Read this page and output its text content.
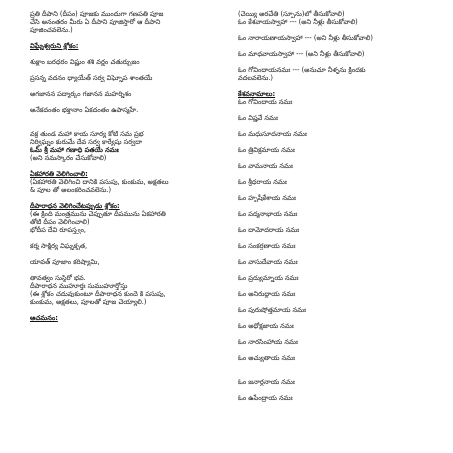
ప్రతి దీపాని (దీపం) పూజకు ముందుగా గణపతి పూజ
చేసి అనంతరం మీరు ఏ దీపాని పూజిస్తారో ఆ దీపాని
పూజించవలెను.)
విఘ్నేశ్వరుని శ్లోకం:
శుక్లాం బరధరం విష్ణుం శశి వర్ణం చతుర్భుజం
ప్రసన్న వదనం ధ్యాయేత్ సర్వ విఘ్నోప శాంతయే
అగజానన పద్మార్కం గజానన మహర్నిశం
అనేకదంతం భక్తానాం ఏకదంతం ఉపాస్మహే.
వక్ర తుండ మహా కాయ సూర్య కోటి సమ ప్రభ
నిర్విఘ్నం కురుమే దేవ సర్వ కార్యేషు సర్వదా
ఓమ్ శ్రీ మహా గణాధి పతయే నమః
(అని నమస్కారం చేసుకోవాలి)
ఏకహారతి వెలిగించాలి:
(ఏకహారతి వెలిగించి దానికి పసుపు, కుంకుమ, అక్షతలు
& పూల తో అలంకరించవలెను.)
దీపారాధన వెలిగించేటప్పుడు శ్లోకం:
(ఈ క్రింది మంత్రమును చెప్పుతూ దీపమును ఏకహారతి
తోటి దీపం వెలిగించాలి)
భోదీప దేవి రూపస్త్వం,
కర్మ సాక్షిర్య విఘ్నకృత,
యావత్ పూజాం కరిష్యామి,
తావత్వం సుస్థిరో భవ.
దీపారాధన ముహూర్తః సుముహూర్తోస్తు
(ఈ శ్లోకం చదువుకుంటూ దీపారాధన కుందె కి పసుపు,
కుంకుమ, అక్షతలు, పూలతో పూజ చెయ్యాలి.)
ఆచమనం:
(చెయ్యి అరచేతి (స్పూను)లో తీసుకోవాలి)
ఓం కేశవాయస్వాహా --- (అని నీళ్లు తీసుకోవాలి)
ఓం నారాయణాయస్వాహా --- (అని నీళ్లు తీసుకోవాలి)
ఓం మాధవాయస్వాహా --- (అని నీళ్లు తీసుకోవాలి)
ఓం గోవిందాయనమః --- (అనుచూ నీళ్ళను క్రిందకు
వదలవలెను.)
కేశవనామాలు:
ఓం గోవిందాయ నమః
ఓం విష్ణవే నమః
ఓం మధుసూదనాయ నమః
ఓం త్రివిక్రమాయ నమః
ఓం వామనాయ నమః
ఓం శ్రీధరాయ నమః
ఓం హృషీకేశాయ నమః
ఓం పద్మనాభాయ నమః
ఓం దామోదరాయ నమః
ఓం సంకర్షణాయ నమః
ఓం వాసుదేవాయ నమః
ఓం ప్రద్యుమ్నాయ నమః
ఓం అనిరుద్ధాయ నమః
ఓం పురుషోత్తమాయ నమః
ఓం అధోక్షజాయ నమః
ఓం నారసింహాయ నమః
ఓం అచ్యుతాయ నమః
ఓం జనార్దనాయ నమః
ఓం ఉపేంద్రాయ నమః
